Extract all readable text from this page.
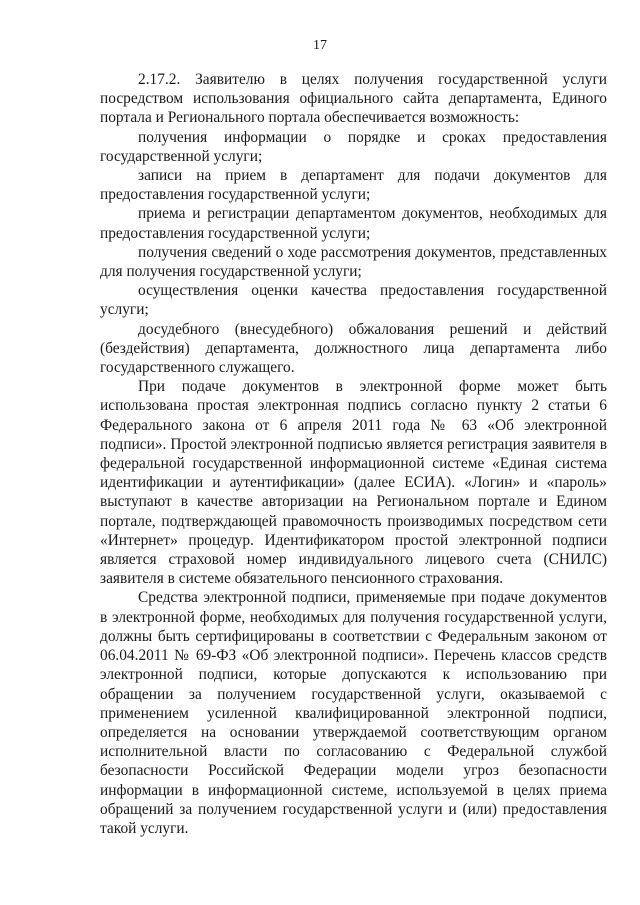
17

2.17.2. Заявителю в целях получения государственной услуги посредством использования официального сайта департамента, Единого портала и Регионального портала обеспечивается возможность:

получения информации о порядке и сроках предоставления государственной услуги;

записи на прием в департамент для подачи документов для предоставления государственной услуги;

приема и регистрации департаментом документов, необходимых для предоставления государственной услуги;

получения сведений о ходе рассмотрения документов, представленных для получения государственной услуги;

осуществления оценки качества предоставления государственной услуги;

досудебного (внесудебного) обжалования решений и действий (бездействия) департамента, должностного лица департамента либо государственного служащего.

При подаче документов в электронной форме может быть использована простая электронная подпись согласно пункту 2 статьи 6 Федерального закона от 6 апреля 2011 года № 63 «Об электронной подписи». Простой электронной подписью является регистрация заявителя в федеральной государственной информационной системе «Единая система идентификации и аутентификации» (далее ЕСИА). «Логин» и «пароль» выступают в качестве авторизации на Региональном портале и Едином портале, подтверждающей правомочность производимых посредством сети «Интернет» процедур. Идентификатором простой электронной подписи является страховой номер индивидуального лицевого счета (СНИЛС) заявителя в системе обязательного пенсионного страхования.

Средства электронной подписи, применяемые при подаче документов в электронной форме, необходимых для получения государственной услуги, должны быть сертифицированы в соответствии с Федеральным законом от 06.04.2011 № 69-ФЗ «Об электронной подписи». Перечень классов средств электронной подписи, которые допускаются к использованию при обращении за получением государственной услуги, оказываемой с применением усиленной квалифицированной электронной подписи, определяется на основании утверждаемой соответствующим органом исполнительной власти по согласованию с Федеральной службой безопасности Российской Федерации модели угроз безопасности информации в информационной системе, используемой в целях приема обращений за получением государственной услуги и (или) предоставления такой услуги.
